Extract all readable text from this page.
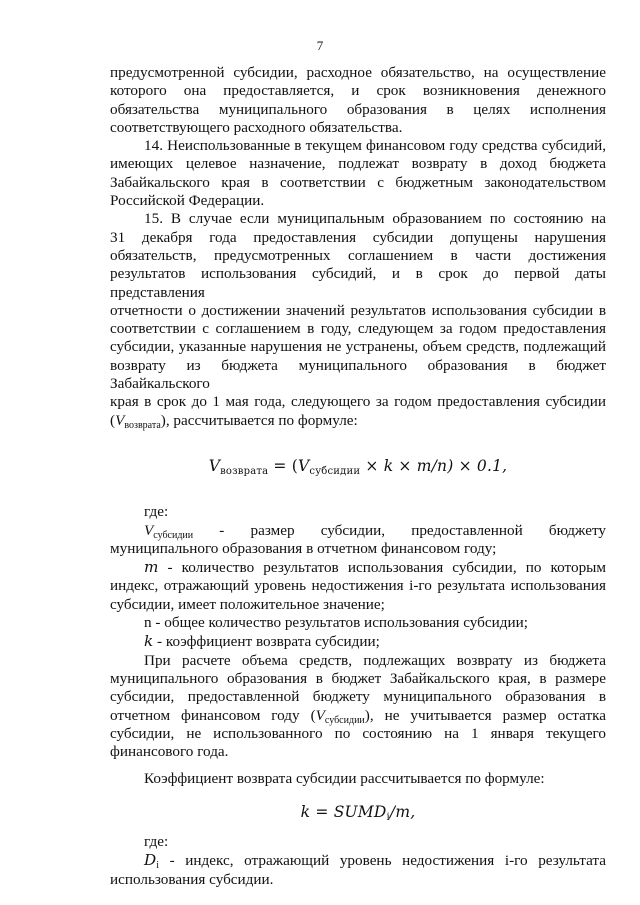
7
предусмотренной субсидии, расходное обязательство, на осуществление
которого она предоставляется, и срок возникновения денежного
обязательства муниципального образования в целях исполнения
соответствующего расходного обязательства.
14. Неиспользованные в текущем финансовом году средства субсидий,
имеющих целевое назначение, подлежат возврату в доход бюджета
Забайкальского края в соответствии с бюджетным законодательством
Российской Федерации.
15. В случае если муниципальным образованием по состоянию на
31 декабря года предоставления субсидии допущены нарушения
обязательств, предусмотренных соглашением в части достижения
результатов использования субсидий, и в срок до первой даты представления
отчетности о достижении значений результатов использования субсидии в
соответствии с соглашением в году, следующем за годом предоставления
субсидии, указанные нарушения не устранены, объем средств, подлежащий
возврату из бюджета муниципального образования в бюджет Забайкальского
края в срок до 1 мая года, следующего за годом предоставления субсидии
$(V_{возврата})$, рассчитывается по формуле:
$V_{возврата} = (V_{субсидии} \times k \times m/n) \times 0.1$,
где:
$V_{субсидии}$ - размер субсидии, предоставленной бюджету
муниципального образования в отчетном финансовом году;
m - количество результатов использования субсидии, по которым
индекс, отражающий уровень недостижения i-го результата использования
субсидии, имеет положительное значение;
n - общее количество результатов использования субсидии;
k - коэффициент возврата субсидии;
При расчете объема средств, подлежащих возврату из бюджета
муниципального образования в бюджет Забайкальского края, в размере
субсидии, предоставленной бюджету муниципального образования в
отчетном финансовом году $(V_{субсидии})$, не учитывается размер остатка
субсидии, не использованного по состоянию на 1 января текущего
финансового года.
Коэффициент возврата субсидии рассчитывается по формуле:
$k = SUMD_i/m$,
где:
$D_i$ - индекс, отражающий уровень недостижения i-го результата
использования субсидии.
